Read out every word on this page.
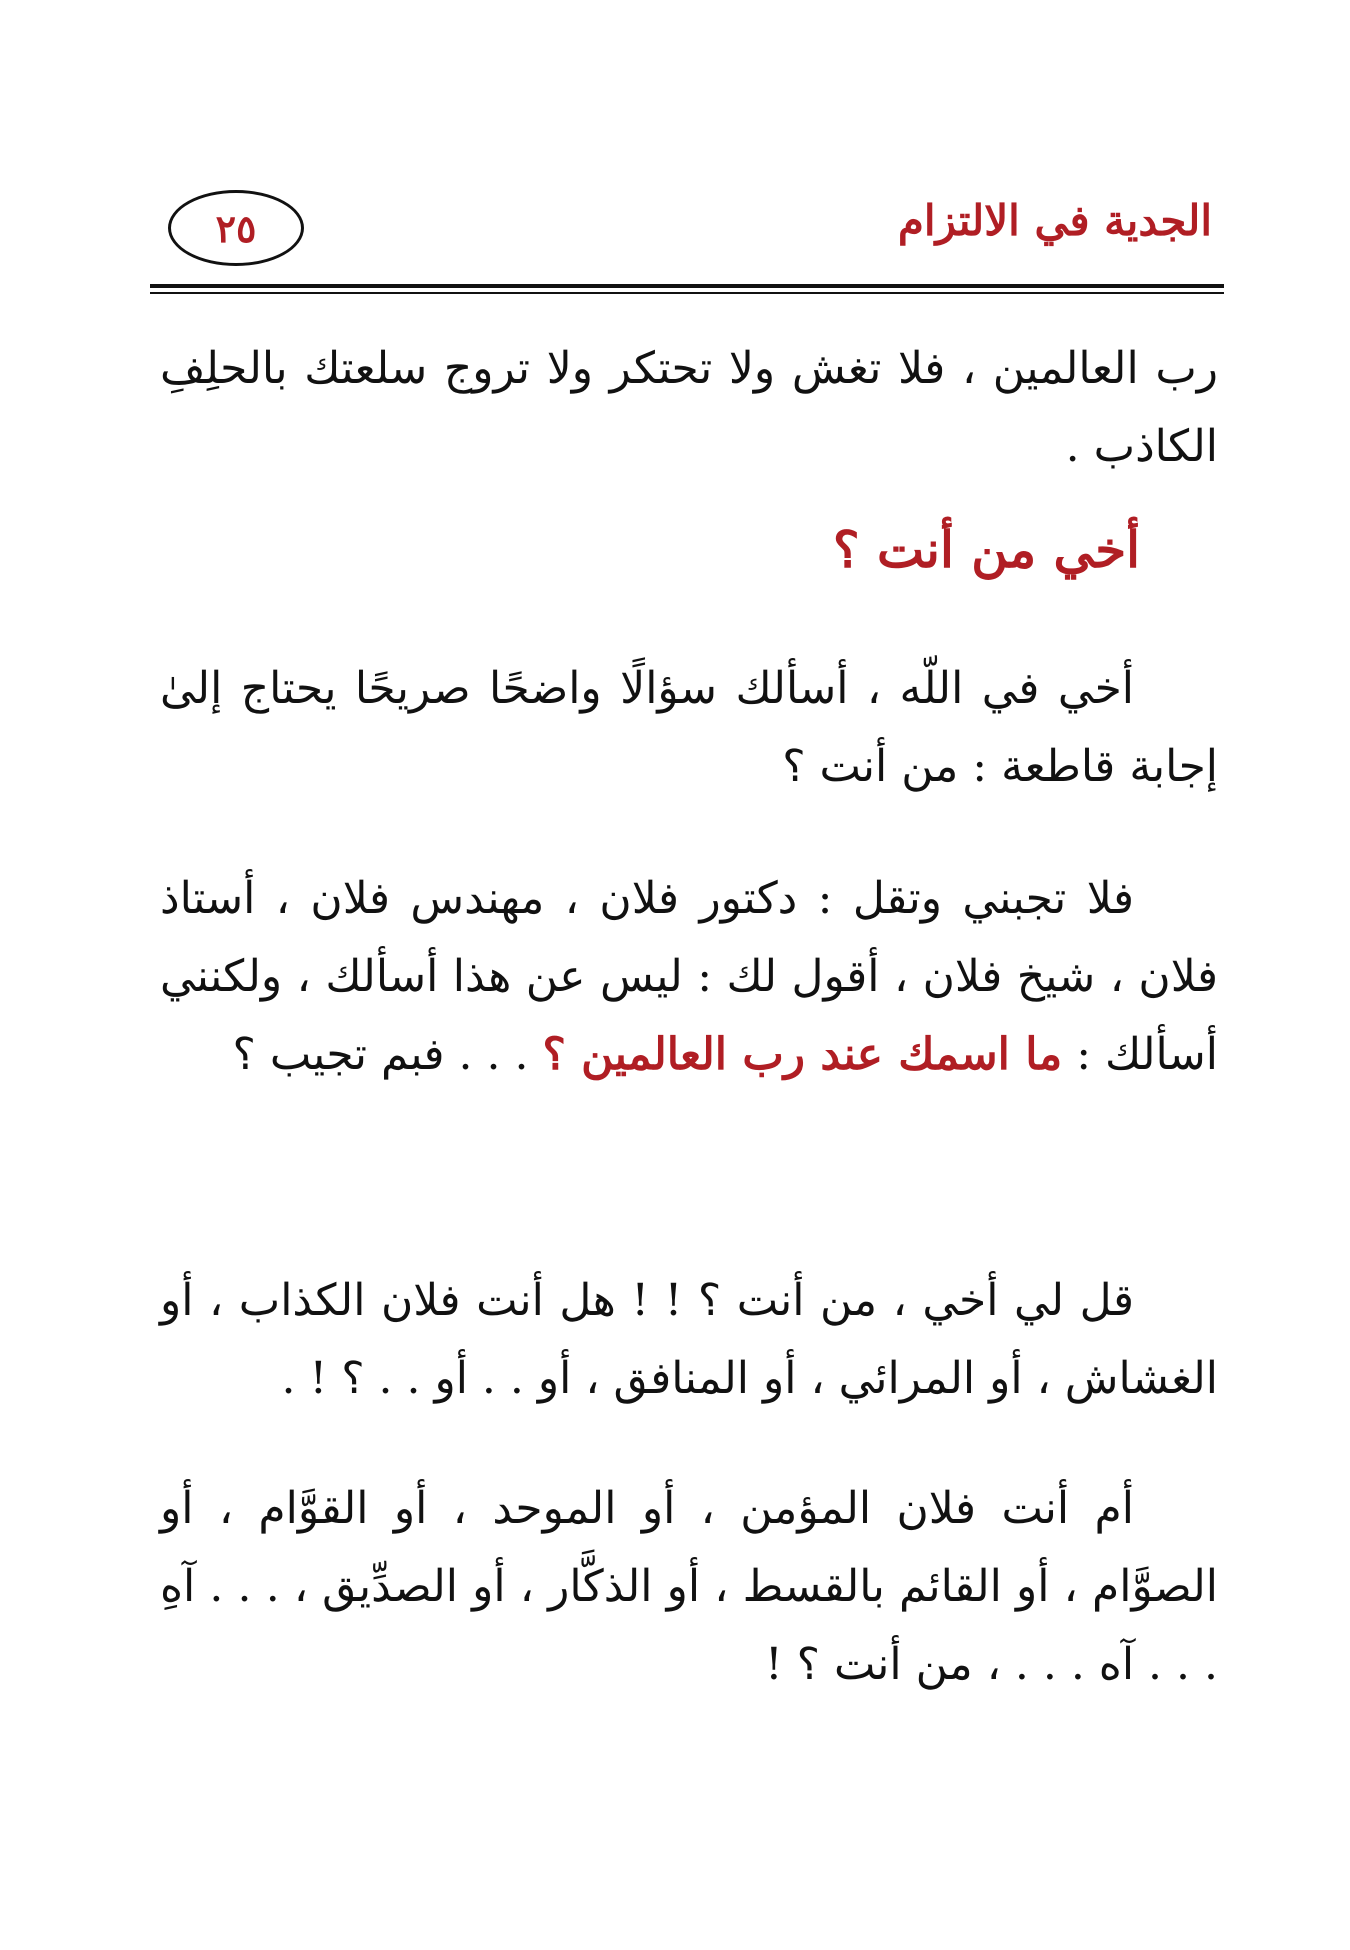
الجدية في الالتزام
٢٥
رب العالمين ، فلا تغش ولا تحتكر ولا تروج سلعتك بالحلِفِ الكاذب .
أخي من أنت ؟
أخي في اللّه ، أسألك سؤالًا واضحًا صريحًا يحتاج إلىٰ إجابة قاطعة : من أنت ؟
فلا تجبني وتقل : دكتور فلان ، مهندس فلان ، أستاذ فلان ، شيخ فلان ، أقول لك : ليس عن هذا أسألك ، ولكنني أسألك : ما اسمك عند رب العالمين ؟ . . . فبم تجيب ؟
قل لي أخي ، من أنت ؟ ! ! هل أنت فلان الكذاب ، أو الغشاش ، أو المرائي ، أو المنافق ، أو . . أو . . ؟ ! .
أم أنت فلان المؤمن ، أو الموحد ، أو القوَّام ، أو الصوَّام ، أو القائم بالقسط ، أو الذكَّار ، أو الصدِّيق ، . . . آهِ . . . آه . . . ، من أنت ؟ !
